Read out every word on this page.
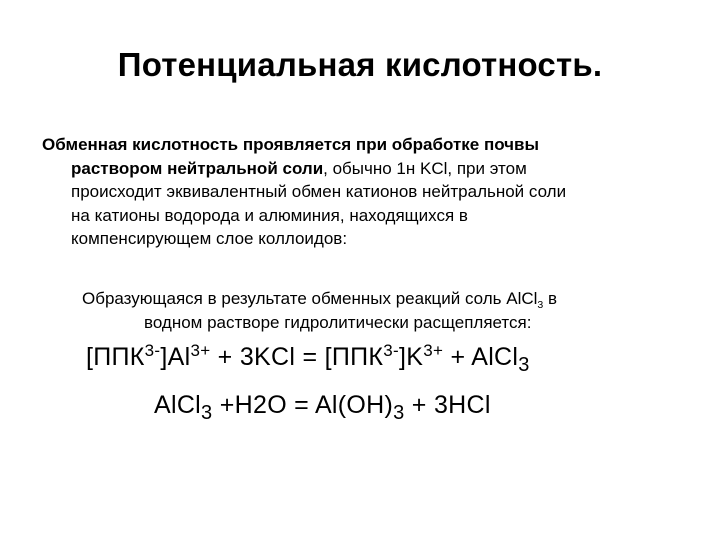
Потенциальная кислотность.
Обменная кислотность проявляется при обработке почвы
раствором нейтральной соли, обычно 1н KCl, при этом
происходит эквивалентный обмен катионов нейтральной соли
на катионы водорода и алюминия, находящихся в
компенсирующем слое коллоидов:
Образующаяся в результате обменных реакций соль AlCl$_3$ в
водном растворе гидролитически расщепляется:
$[ППК^{3-}]Al^{3+} + 3KCl = [ППК^{3-}]K^{3+}$ + AlCl$_3$
AlCl$_3$ $+H2O = Al(OH)_3 + 3HCl$
